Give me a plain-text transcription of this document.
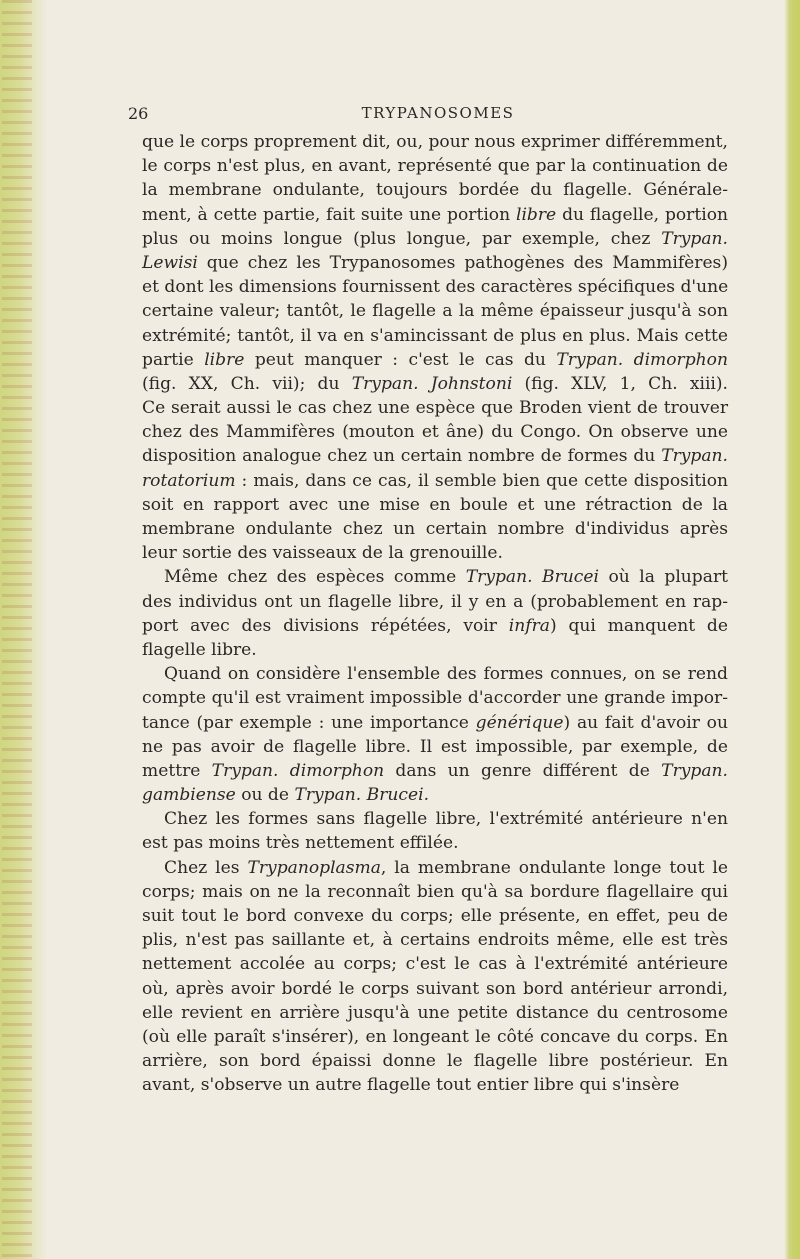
26	TRYPANOSOMES
que le corps proprement dit, ou, pour nous exprimer différemment,
le corps n'est plus, en avant, représenté que par la continuation de
la membrane ondulante, toujours bordée du flagelle. Générale-
ment, à cette partie, fait suite une portion libre du flagelle, portion
plus ou moins longue (plus longue, par exemple, chez Trypan.
Lewisi que chez les Trypanosomes pathogènes des Mammifères)
et dont les dimensions fournissent des caractères spécifiques d'une
certaine valeur; tantôt, le flagelle a la même épaisseur jusqu'à son
extrémité; tantôt, il va en s'amincissant de plus en plus. Mais cette
partie libre peut manquer : c'est le cas du Trypan. dimorphon
(fig. XX, Ch. vii); du Trypan. Johnstoni (fig. XLV, 1, Ch. xiii).
Ce serait aussi le cas chez une espèce que Broden vient de trouver
chez des Mammifères (mouton et âne) du Congo. On observe une
disposition analogue chez un certain nombre de formes du Trypan.
rotatorium : mais, dans ce cas, il semble bien que cette disposition
soit en rapport avec une mise en boule et une rétraction de la
membrane ondulante chez un certain nombre d'individus après
leur sortie des vaisseaux de la grenouille.
Même chez des espèces comme Trypan. Brucei où la plupart
des individus ont un flagelle libre, il y en a (probablement en rap-
port avec des divisions répétées, voir infra) qui manquent de
flagelle libre.
Quand on considère l'ensemble des formes connues, on se rend
compte qu'il est vraiment impossible d'accorder une grande impor-
tance (par exemple : une importance générique) au fait d'avoir ou
ne pas avoir de flagelle libre. Il est impossible, par exemple, de
mettre Trypan. dimorphon dans un genre différent de Trypan.
gambiense ou de Trypan. Brucei.
Chez les formes sans flagelle libre, l'extrémité antérieure n'en
est pas moins très nettement effilée.
Chez les Trypanoplasma, la membrane ondulante longe tout le
corps; mais on ne la reconnaît bien qu'à sa bordure flagellaire qui
suit tout le bord convexe du corps; elle présente, en effet, peu de
plis, n'est pas saillante et, à certains endroits même, elle est très
nettement accolée au corps; c'est le cas à l'extrémité antérieure
où, après avoir bordé le corps suivant son bord antérieur arrondi,
elle revient en arrière jusqu'à une petite distance du centrosome
(où elle paraît s'insérer), en longeant le côté concave du corps. En
arrière, son bord épaissi donne le flagelle libre postérieur. En
avant, s'observe un autre flagelle tout entier libre qui s'insère
